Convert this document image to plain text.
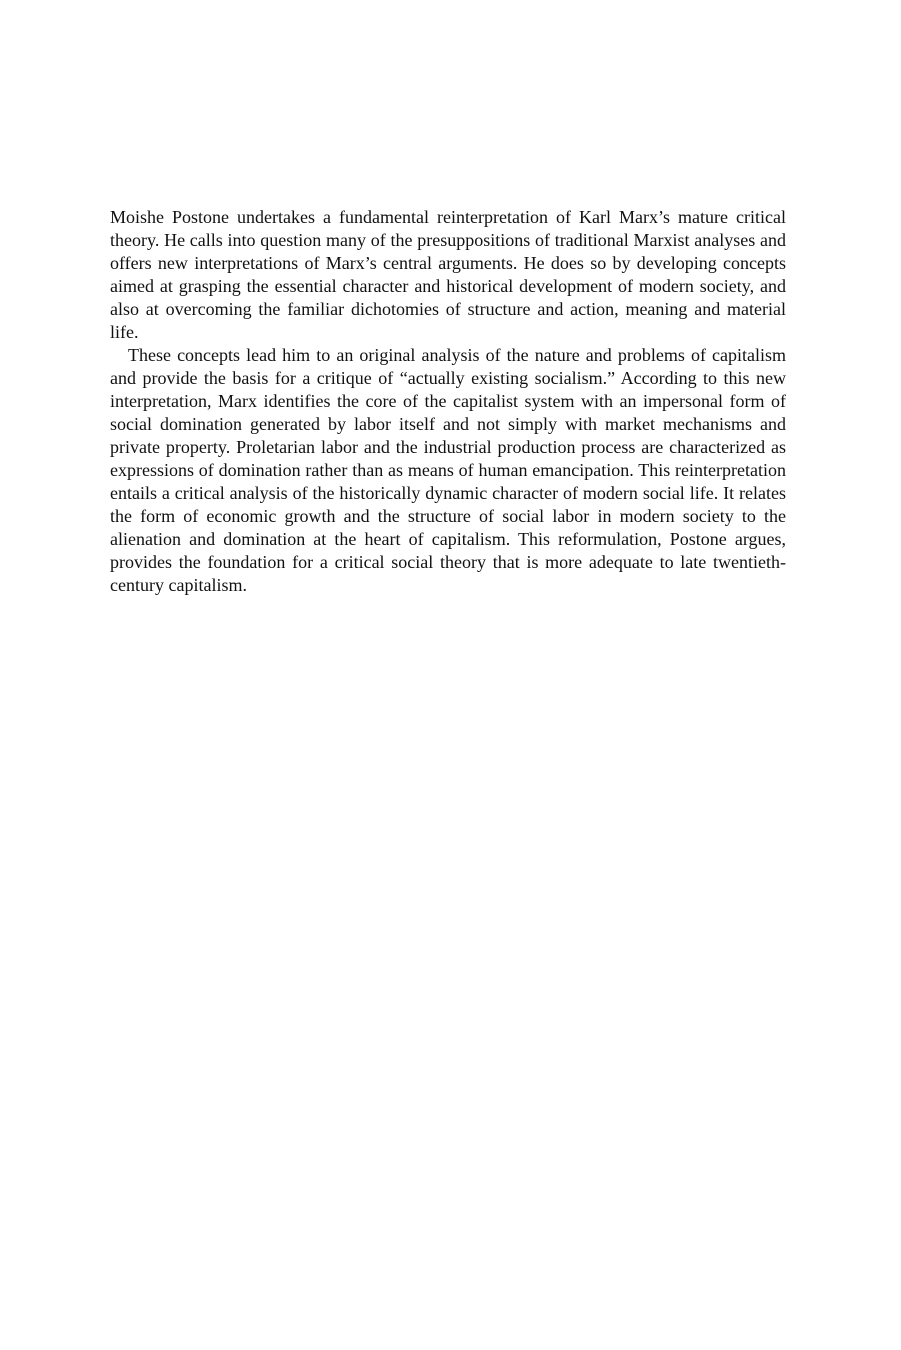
Moishe Postone undertakes a fundamental reinterpretation of Karl Marx’s mature critical theory. He calls into question many of the presuppositions of traditional Marxist analyses and offers new interpretations of Marx’s central arguments. He does so by developing concepts aimed at grasping the essential character and historical development of modern society, and also at overcoming the familiar dichotomies of structure and action, meaning and material life.

These concepts lead him to an original analysis of the nature and problems of capitalism and provide the basis for a critique of “actually existing socialism.” According to this new interpretation, Marx identifies the core of the capitalist system with an impersonal form of social domination generated by labor itself and not simply with market mechanisms and private property. Proletarian labor and the industrial production process are characterized as expressions of domination rather than as means of human emancipation. This reinterpretation entails a critical analysis of the historically dynamic character of modern social life. It relates the form of economic growth and the structure of social labor in modern society to the alienation and domination at the heart of capitalism. This reformulation, Postone argues, provides the foundation for a critical social theory that is more adequate to late twentieth-century capitalism.
